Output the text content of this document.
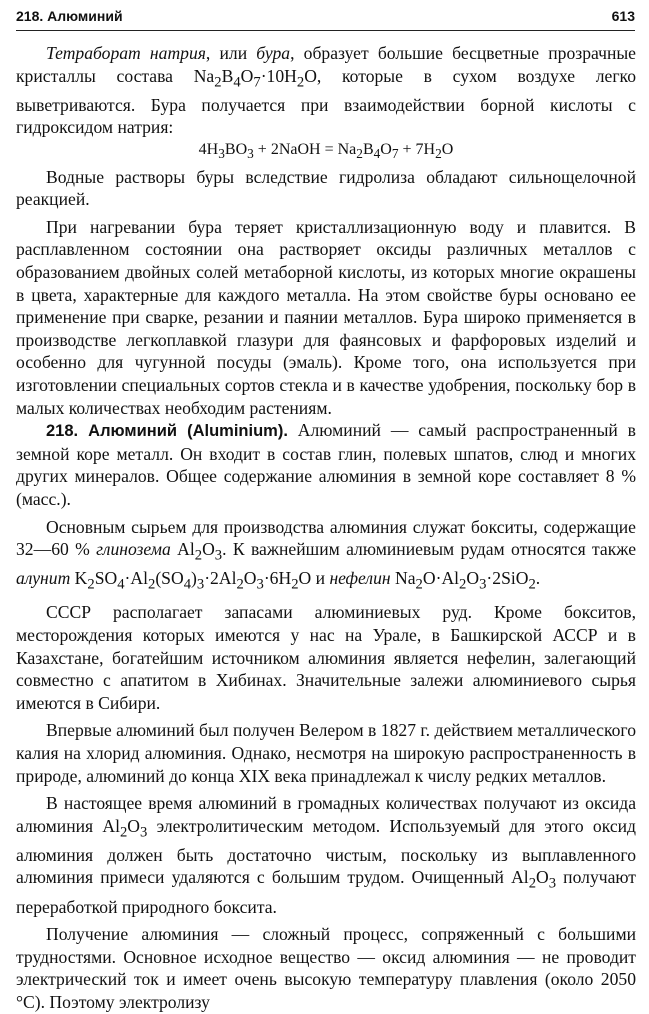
218. Алюминий	613

Тетраборат натрия, или бура, образует большие бесцветные прозрачные кристаллы состава $Na_2B_4O_7\cdot 10H_2O$, которые в сухом воздухе легко выветриваются. Бура получается при взаимодействии борной кислоты с гидроксидом натрия:

$4H_3BO_3$ + 2NaOH = $Na_2B_4O_7 + 7H_2O$

Водные растворы буры вследствие гидролиза обладают сильнощелочной реакцией.

При нагревании бура теряет кристаллизационную воду и плавится. В расплавленном состоянии она растворяет оксиды различных металлов с образованием двойных солей метаборной кислоты, из которых многие окрашены в цвета, характерные для каждого металла. На этом свойстве буры основано ее применение при сварке, резании и паянии металлов. Бура широко применяется в производстве легкоплавкой глазури для фаянсовых и фарфоровых изделий и особенно для чугунной посуды (эмаль). Кроме того, она используется при изготовлении специальных сортов стекла и в качестве удобрения, поскольку бор в малых количествах необходим растениям.

218. Алюминий (Aluminium). Алюминий — самый распространенный в земной коре металл. Он входит в состав глин, полевых шпатов, слюд и многих других минералов. Общее содержание алюминия в земной коре составляет 8 % (масс.).

Основным сырьем для производства алюминия служат бокситы, содержащие 32—60 % глинозема $Al_2O_3$. К важнейшим алюминиевым рудам относятся также алунит $K_2SO_4\cdot Al_2(SO_4)_3\cdot 2Al_2O_3\cdot 6H_2O$ и нефелин $Na_2O\cdot Al_2O_3\cdot 2SiO_2$.

СССР располагает запасами алюминиевых руд. Кроме бокситов, месторождения которых имеются у нас на Урале, в Башкирской АССР и в Казахстане, богатейшим источником алюминия является нефелин, залегающий совместно с апатитом в Хибинах. Значительные залежи алюминиевого сырья имеются в Сибири.

Впервые алюминий был получен Велером в 1827 г. действием металлического калия на хлорид алюминия. Однако, несмотря на широкую распространенность в природе, алюминий до конца XIX века принадлежал к числу редких металлов.

В настоящее время алюминий в громадных количествах получают из оксида алюминия $Al_2O_3$ электролитическим методом. Используемый для этого оксид алюминия должен быть достаточно чистым, поскольку из выплавленного алюминия примеси удаляются с большим трудом. Очищенный $Al_2O_3$ получают переработкой природного боксита.

Получение алюминия — сложный процесс, сопряженный с большими трудностями. Основное исходное вещество — оксид алюминия — не проводит электрический ток и имеет очень высокую температуру плавления (около 2050 °C). Поэтому электролизу
